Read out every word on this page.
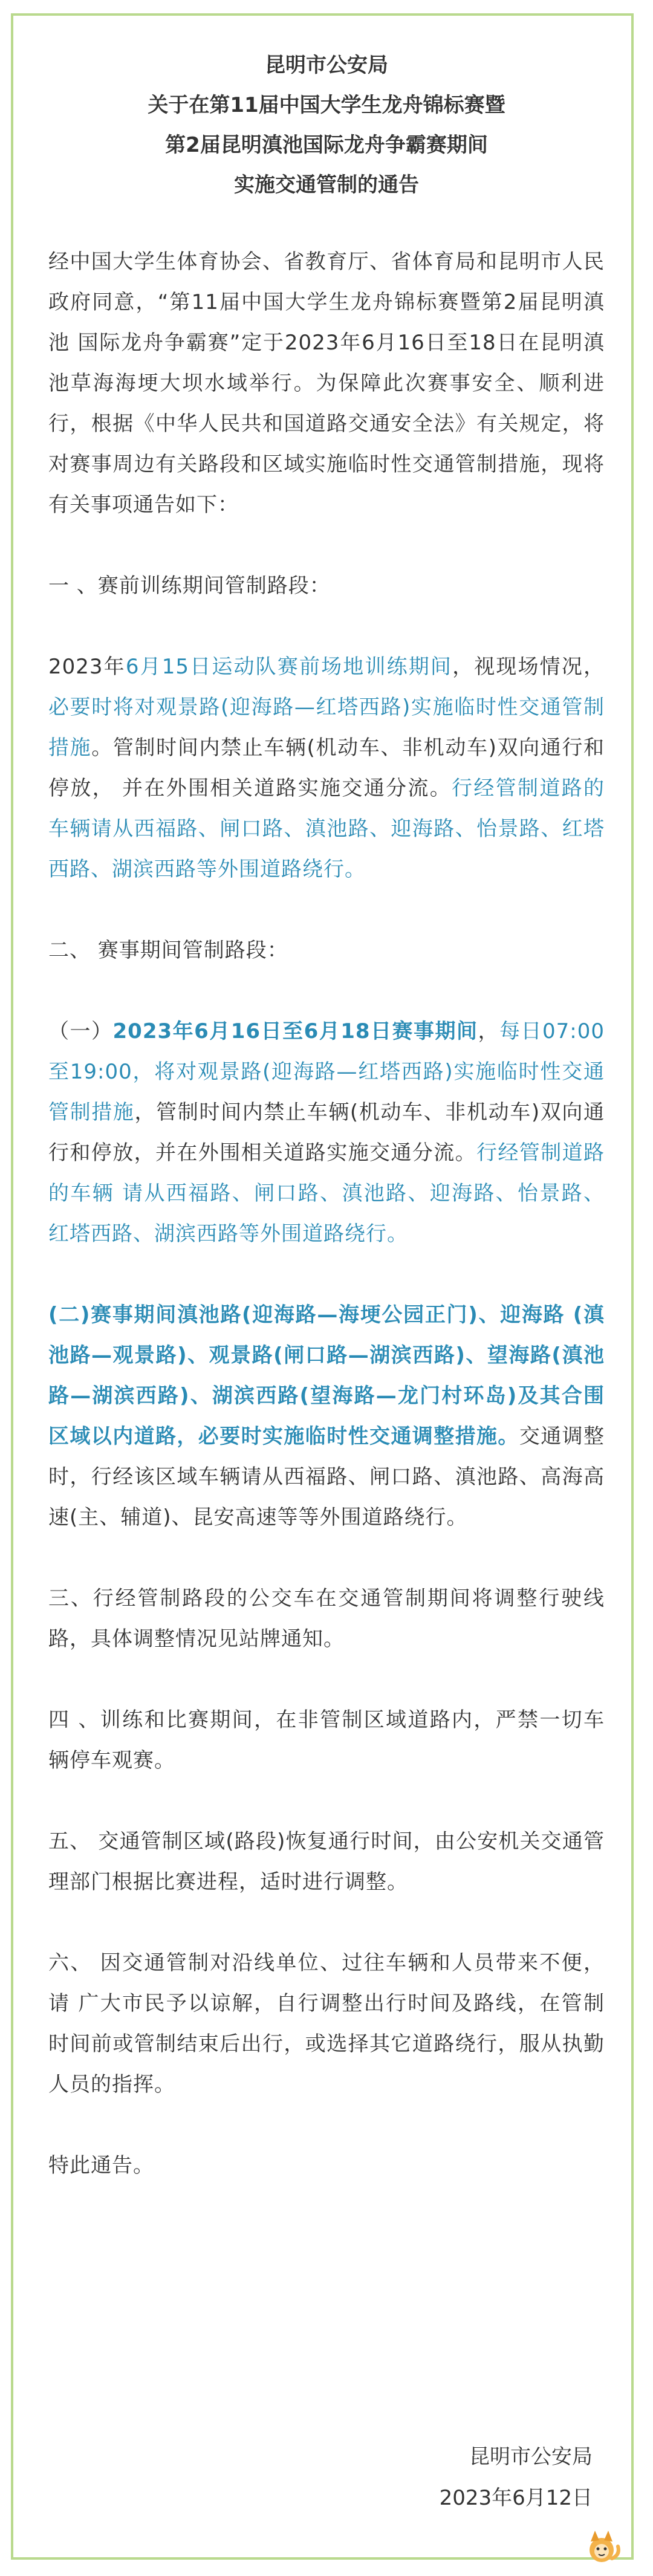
昆明市公安局
关于在第11届中国大学生龙舟锦标赛暨
第2届昆明滇池国际龙舟争霸赛期间
实施交通管制的通告

经中国大学生体育协会、省教育厅、省体育局和昆明市人民 政府同意，“第11届中国大学生龙舟锦标赛暨第2届昆明滇池 国际龙舟争霸赛”定于2023年6月16日至18日在昆明滇池草海海埂大坝水域举行。为保障此次赛事安全、顺利进行，根据《中华人民共和国道路交通安全法》有关规定，将对赛事周边有关路段和区域实施临时性交通管制措施，现将有关事项通告如下：

一 、赛前训练期间管制路段：

2023年6月15日运动队赛前场地训练期间，视现场情况，必要时将对观景路(迎海路—红塔西路)实施临时性交通管制措施。管制时间内禁止车辆(机动车、非机动车)双向通行和停放， 并在外围相关道路实施交通分流。行经管制道路的车辆请从西福路、闸口路、滇池路、迎海路、怡景路、红塔西路、湖滨西路等外围道路绕行。

二、 赛事期间管制路段：

（一）2023年6月16日至6月18日赛事期间，每日07:00至19:00，将对观景路(迎海路—红塔西路)实施临时性交通管制措施，管制时间内禁止车辆(机动车、非机动车)双向通行和停放，并在外围相关道路实施交通分流。行经管制道路的车辆 请从西福路、闸口路、滇池路、迎海路、怡景路、红塔西路、湖滨西路等外围道路绕行。

(二)赛事期间滇池路(迎海路—海埂公园正门)、迎海路 (滇池路—观景路)、观景路(闸口路—湖滨西路)、望海路(滇池路—湖滨西路)、湖滨西路(望海路—龙门村环岛)及其合围 区域以内道路，必要时实施临时性交通调整措施。交通调整时，行经该区域车辆请从西福路、闸口路、滇池路、高海高速(主、辅道)、昆安高速等等外围道路绕行。

三、行经管制路段的公交车在交通管制期间将调整行驶线路，具体调整情况见站牌通知。

四 、训练和比赛期间，在非管制区域道路内，严禁一切车辆停车观赛。

五、 交通管制区域(路段)恢复通行时间，由公安机关交通管理部门根据比赛进程，适时进行调整。

六、 因交通管制对沿线单位、过往车辆和人员带来不便，请 广大市民予以谅解，自行调整出行时间及路线，在管制时间前或管制结束后出行，或选择其它道路绕行，服从执勤人员的指挥。

特此通告。

昆明市公安局
2023年6月12日
